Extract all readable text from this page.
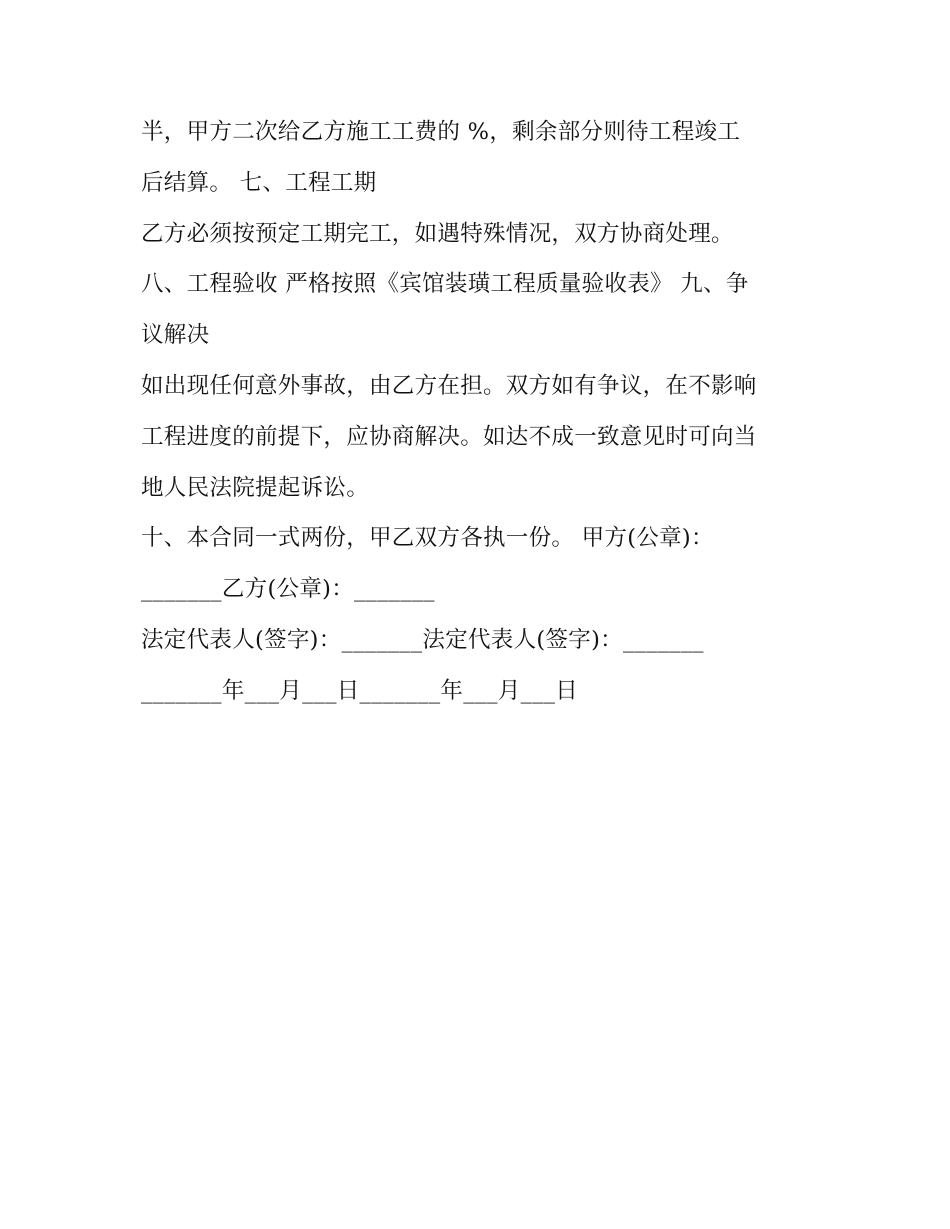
半，甲方二次给乙方施工工费的 %，剩余部分则待工程竣工
后结算。 七、工程工期
乙方必须按预定工期完工，如遇特殊情况，双方协商处理。
八、工程验收 严格按照《宾馆装璜工程质量验收表》 九、争
议解决
如出现任何意外事故，由乙方在担。双方如有争议，在不影响
工程进度的前提下，应协商解决。如达不成一致意见时可向当
地人民法院提起诉讼。
十、本合同一式两份，甲乙双方各执一份。 甲方(公章)：
_______乙方(公章)：_______
法定代表人(签字)：_______法定代表人(签字)：_______
_______年___月___日_______年___月___日
